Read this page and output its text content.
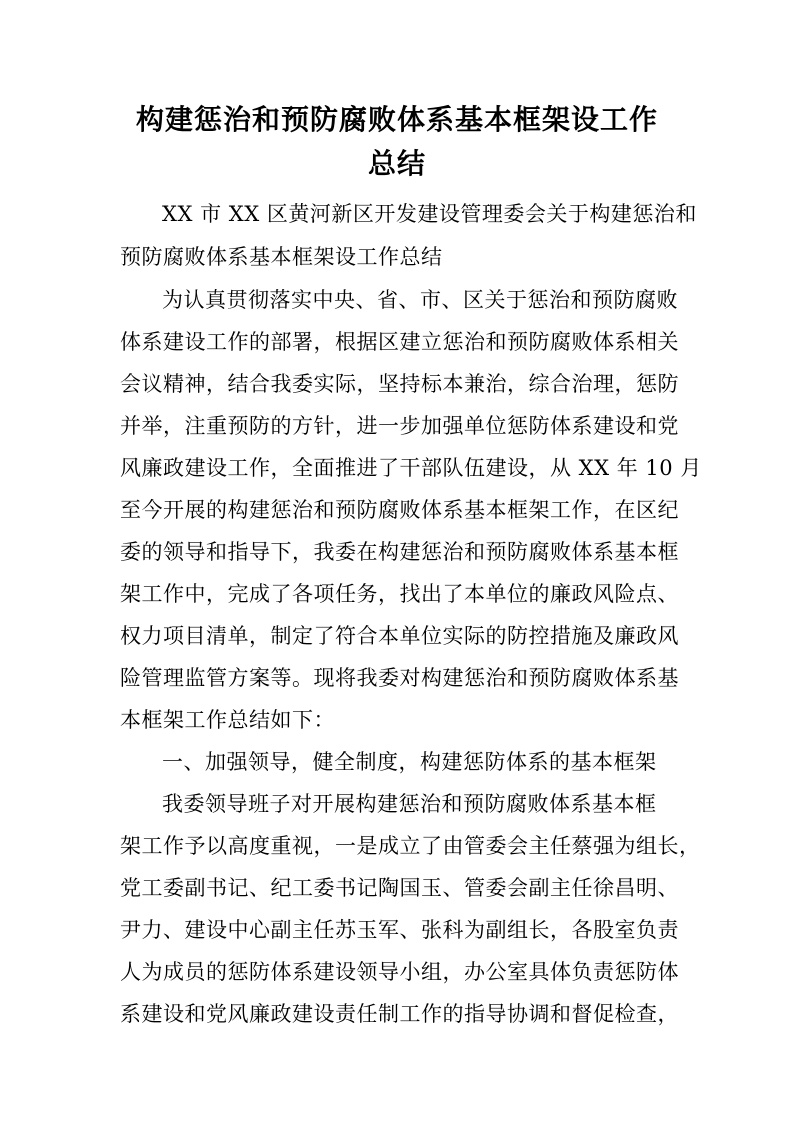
构建惩治和预防腐败体系基本框架设工作
总结
XX 市 XX 区黄河新区开发建设管理委会关于构建惩治和
预防腐败体系基本框架设工作总结
为认真贯彻落实中央、省、市、区关于惩治和预防腐败
体系建设工作的部署，根据区建立惩治和预防腐败体系相关
会议精神，结合我委实际，坚持标本兼治，综合治理，惩防
并举，注重预防的方针，进一步加强单位惩防体系建设和党
风廉政建设工作，全面推进了干部队伍建设，从 XX 年 10 月
至今开展的构建惩治和预防腐败体系基本框架工作，在区纪
委的领导和指导下，我委在构建惩治和预防腐败体系基本框
架工作中，完成了各项任务，找出了本单位的廉政风险点、
权力项目清单，制定了符合本单位实际的防控措施及廉政风
险管理监管方案等。现将我委对构建惩治和预防腐败体系基
本框架工作总结如下：
一、加强领导，健全制度，构建惩防体系的基本框架
我委领导班子对开展构建惩治和预防腐败体系基本框
架工作予以高度重视，一是成立了由管委会主任蔡强为组长，
党工委副书记、纪工委书记陶国玉、管委会副主任徐昌明、
尹力、建设中心副主任苏玉军、张科为副组长，各股室负责
人为成员的惩防体系建设领导小组，办公室具体负责惩防体
系建设和党风廉政建设责任制工作的指导协调和督促检查，
